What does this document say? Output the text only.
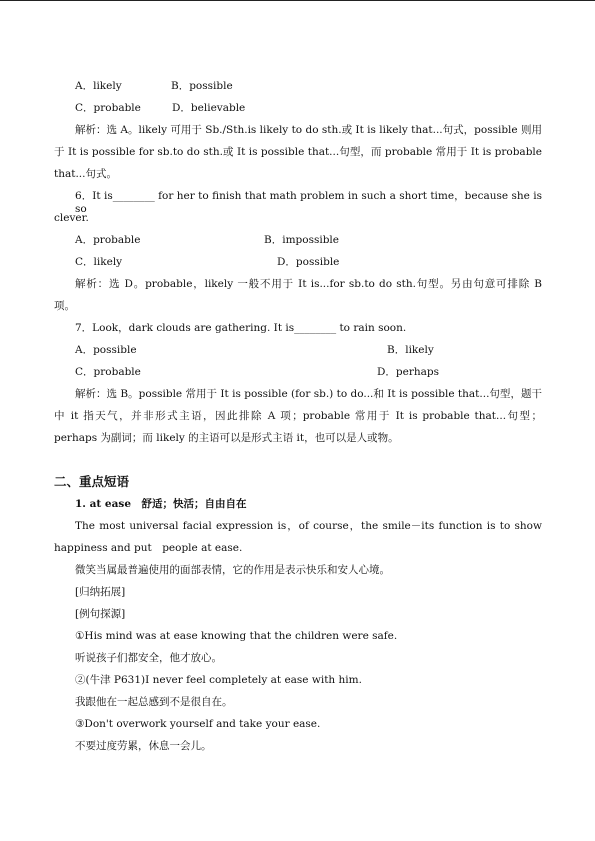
A．likely	B．possible
C．probable	D．believable
解析：选 A。likely 可用于 Sb./Sth.is likely to do sth.或 It is likely that...句式，possible 则用
于 It is possible for sb.to do sth.或 It is possible that...句型，而 probable 常用于 It is probable
that...句式。
6．It is________ for her to finish that math problem in such a short time，because she is so
clever.
A．probable	B．impossible
C．likely	D．possible
解析：选 D。probable，likely 一般不用于 It is...for sb.to do sth.句型。另由句意可排除 B
项。
7．Look，dark clouds are gathering. It is________ to rain soon.
A．possible	B．likely
C．probable	D．perhaps
解析：选 B。possible 常用于 It is possible (for sb.) to do...和 It is possible that...句型，题干
中 it 指天气，并非形式主语，因此排除 A 项；probable 常用于 It is probable that...句型；
perhaps 为副词；而 likely 的主语可以是形式主语 it，也可以是人或物。
二、重点短语
1. at ease　舒适；快活；自由自在
The most universal facial expression is，of course，the smile－its function is to show
happiness and put　people at ease.
微笑当属最普遍使用的面部表情，它的作用是表示快乐和安人心境。
[归纳拓展]
[例句探源]
①His mind was at ease knowing that the children were safe.
听说孩子们都安全，他才放心。
②(牛津 P631)I never feel completely at ease with him.
我跟他在一起总感到不是很自在。
③Don't overwork yourself and take your ease.
不要过度劳累，休息一会儿。
